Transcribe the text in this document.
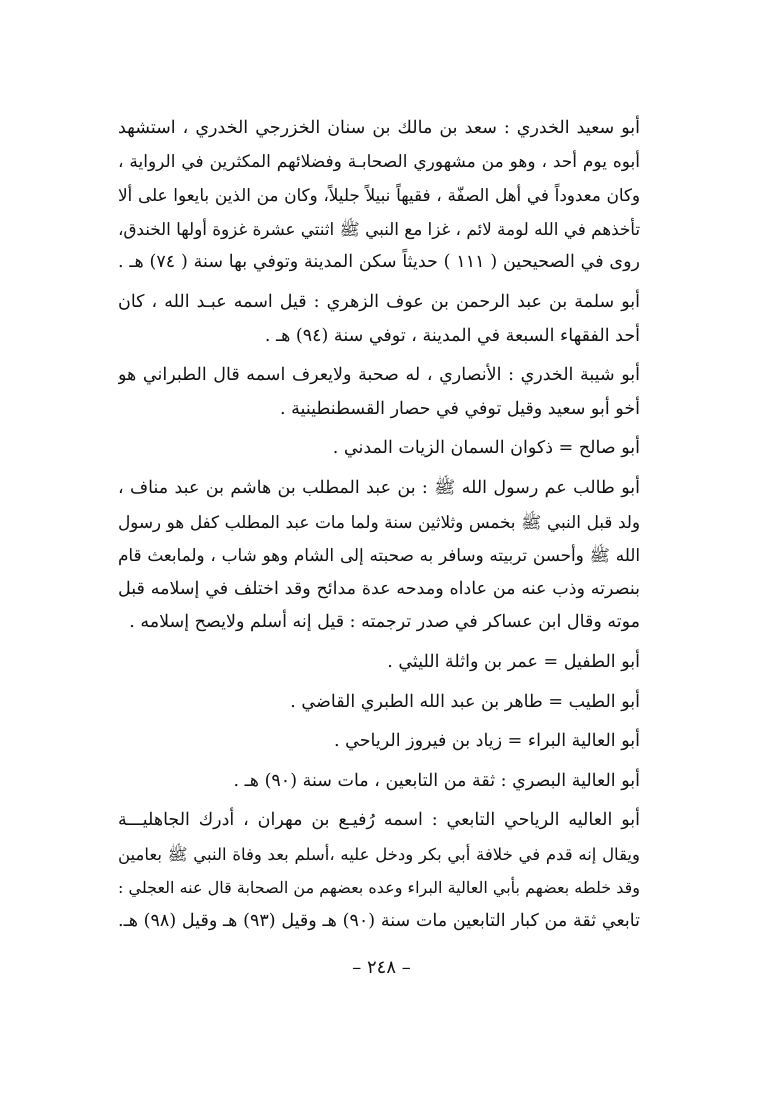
أبو سعيد الخدري : سعد بن مالك بن سنان الخزرجي الخدري ، استشهد
أبوه يوم أحد ، وهو من مشهوري الصحابـة وفضلائهم المكثرين في الرواية ،
وكان معدوداً في أهل الصفّة ، فقيهاً نبيلاً جليلاً، وكان من الذين بايعوا على ألا
تأخذهم في الله لومة لائم ، غزا مع النبي ﷺ اثنتي عشرة غزوة أولها الخندق،
روى في الصحيحين ( ١١١ ) حديثاً سكن المدينة وتوفي بها سنة ( ٧٤) هـ .
أبو سلمة بن عبد الرحمن بن عوف الزهري : قيل اسمه عبـد الله ، كان
أحد الفقهاء السبعة في المدينة ، توفي سنة (٩٤) هـ .
أبو شيبة الخدري : الأنصاري ، له صحبة ولايعرف اسمه قال الطبراني هو
أخو أبو سعيد وقيل توفي في حصار القسطنطينية .
أبو صالح = ذكوان السمان الزيات المدني .
أبو طالب عم رسول الله ﷺ : بن عبد المطلب بن هاشم بن عبد مناف ،
ولد قبل النبي ﷺ بخمس وثلاثين سنة ولما مات عبد المطلب كفل هو رسول
الله ﷺ وأحسن تربيته وسافر به صحبته إلى الشام وهو شاب ، ولمابعث قام
بنصرته وذب عنه من عاداه ومدحه عدة مدائح وقد اختلف في إسلامه قبل
موته وقال ابن عساكر في صدر ترجمته : قيل إنه أسلم ولايصح إسلامه .
أبو الطفيل = عمر بن واثلة الليثي .
أبو الطيب = طاهر بن عبد الله الطبري القاضي .
أبو العالية البراء = زياد بن فيروز الرياحي .
أبو العالية البصري : ثقة من التابعين ، مات سنة (٩٠) هـ .
أبو العاليه الرياحي التابعي : اسمه رُفيـع بن مهران ، أدرك الجاهليـــة
ويقال إنه قدم في خلافة أبي بكر ودخل عليه ،أسلم بعد وفاة النبي ﷺ بعامين
وقد خلطه بعضهم بأبي العالية البراء وعده بعضهم من الصحابة قال عنه العجلي :
تابعي ثقة من كبار التابعين مات سنة (٩٠) هـ وقيل (٩٣) هـ وقيل (٩٨) هـ.
– ٢٤٨ –
